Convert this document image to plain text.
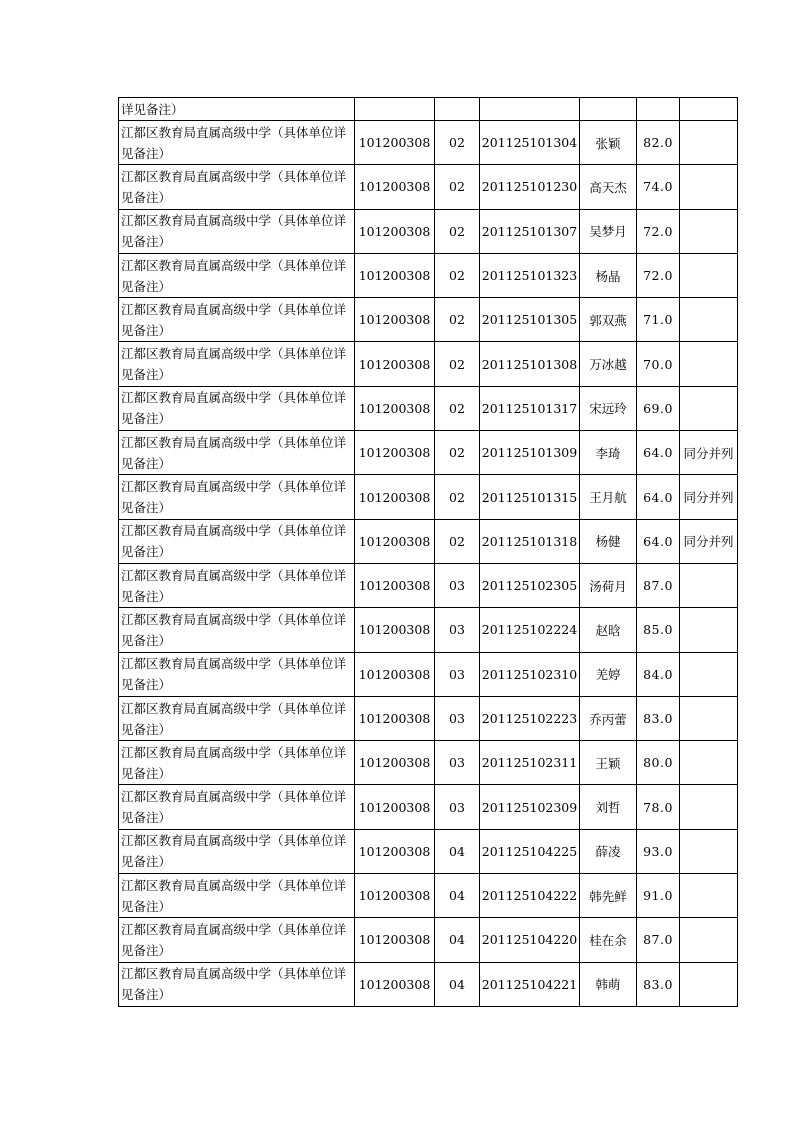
详见备注）						
江都区教育局直属高级中学（具体单位详见备注）	101200308	02	201125101304	张颖	82.0	
江都区教育局直属高级中学（具体单位详见备注）	101200308	02	201125101230	高天杰	74.0	
江都区教育局直属高级中学（具体单位详见备注）	101200308	02	201125101307	吴梦月	72.0	
江都区教育局直属高级中学（具体单位详见备注）	101200308	02	201125101323	杨晶	72.0	
江都区教育局直属高级中学（具体单位详见备注）	101200308	02	201125101305	郭双燕	71.0	
江都区教育局直属高级中学（具体单位详见备注）	101200308	02	201125101308	万冰越	70.0	
江都区教育局直属高级中学（具体单位详见备注）	101200308	02	201125101317	宋远玲	69.0	
江都区教育局直属高级中学（具体单位详见备注）	101200308	02	201125101309	李琦	64.0	同分并列
江都区教育局直属高级中学（具体单位详见备注）	101200308	02	201125101315	王月航	64.0	同分并列
江都区教育局直属高级中学（具体单位详见备注）	101200308	02	201125101318	杨健	64.0	同分并列
江都区教育局直属高级中学（具体单位详见备注）	101200308	03	201125102305	汤荷月	87.0	
江都区教育局直属高级中学（具体单位详见备注）	101200308	03	201125102224	赵晗	85.0	
江都区教育局直属高级中学（具体单位详见备注）	101200308	03	201125102310	羌婷	84.0	
江都区教育局直属高级中学（具体单位详见备注）	101200308	03	201125102223	乔丙蕾	83.0	
江都区教育局直属高级中学（具体单位详见备注）	101200308	03	201125102311	王颖	80.0	
江都区教育局直属高级中学（具体单位详见备注）	101200308	03	201125102309	刘哲	78.0	
江都区教育局直属高级中学（具体单位详见备注）	101200308	04	201125104225	薛凌	93.0	
江都区教育局直属高级中学（具体单位详见备注）	101200308	04	201125104222	韩先鲜	91.0	
江都区教育局直属高级中学（具体单位详见备注）	101200308	04	201125104220	桂在余	87.0	
江都区教育局直属高级中学（具体单位详见备注）	101200308	04	201125104221	韩萌	83.0	
